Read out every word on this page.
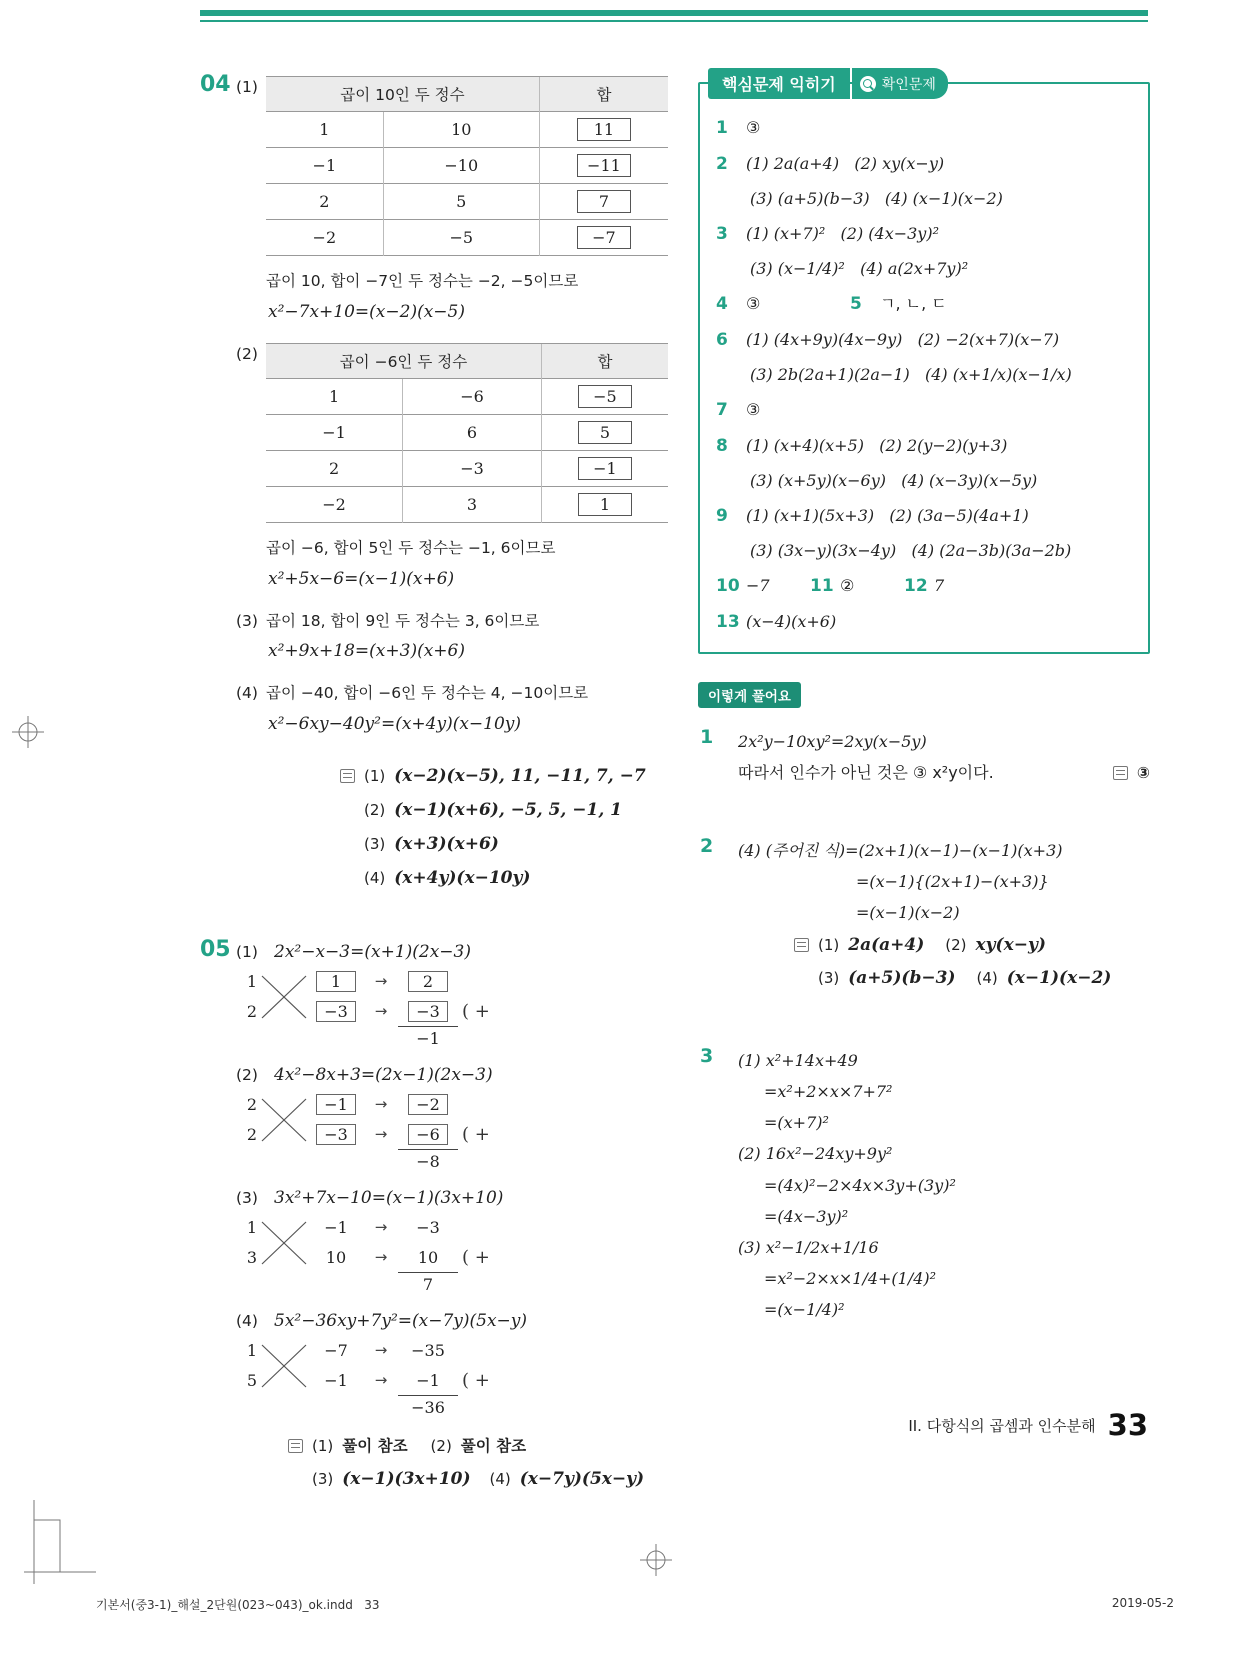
04 (1)	곱이 10인 두 정수		합
1	10	11
−1	−10	−11
2	5	7
−2	−5	−7
곱이 10, 합이 −7인 두 정수는 −2, −5이므로
x²−7x+10=(x−2)(x−5)
(2)	곱이 −6인 두 정수		합
1	−6	−5
−1	6	5
2	−3	−1
−2	3	1
곱이 −6, 합이 5인 두 정수는 −1, 6이므로
x²+5x−6=(x−1)(x+6)
(3) 곱이 18, 합이 9인 두 정수는 3, 6이므로
x²+9x+18=(x+3)(x+6)
(4) 곱이 −40, 합이 −6인 두 정수는 4, −10이므로
x²−6xy−40y²=(x+4y)(x−10y)
(1) (x−2)(x−5), 11, −11, 7, −7
(2) (x−1)(x+6), −5, 5, −1, 1
(3) (x+3)(x+6)
(4) (x+4y)(x−10y)
05 (1) 2x²−x−3=(x+1)(2x−3)
1	1 →	2
2	−3 →	−3	( +
−1
(2) 4x²−8x+3=(2x−1)(2x−3)
2	−1 →	−2
2	−3 →	−6	( +
−8
(3) 3x²+7x−10=(x−1)(3x+10)
1	−1 →	−3
3	10 →	10	( +
7
(4) 5x²−36xy+7y²=(x−7y)(5x−y)
1	−7 →	−35
5	−1 →	−1	( +
−36
(1) 풀이 참조 (2) 풀이 참조
(3) (x−1)(3x+10) (4) (x−7y)(5x−y)
핵심문제 익히기	확인문제
1	③
2	(1) 2a(a+4)   (2) xy(x−y)
(3) (a+5)(b−3)   (4) (x−1)(x−2)
3	(1) (x+7)²   (2) (4x−3y)²
(3) (x−1/4)²   (4) a(2x+7y)²
4	③	5	ㄱ, ㄴ, ㄷ
6	(1) (4x+9y)(4x−9y)   (2) −2(x+7)(x−7)
(3) 2b(2a+1)(2a−1)   (4) (x+1/x)(x−1/x)
7	③
8	(1) (x+4)(x+5)   (2) 2(y−2)(y+3)
(3) (x+5y)(x−6y)   (4) (x−3y)(x−5y)
9	(1) (x+1)(5x+3)   (2) (3a−5)(4a+1)
(3) (3x−y)(3x−4y)   (4) (2a−3b)(3a−2b)
10 −7	11 ②	12 7
13 (x−4)(x+6)
이렇게 풀어요
1 2x²y−10xy²=2xy(x−5y)
따라서 인수가 아닌 것은 ③ x²y이다.	③
2 (4) (주어진 식)=(2x+1)(x−1)−(x−1)(x+3)
=(x−1){(2x+1)−(x+3)}
=(x−1)(x−2)
(1) 2a(a+4) (2) xy(x−y)
(3) (a+5)(b−3) (4) (x−1)(x−2)
3 (1) x²+14x+49
=x²+2×x×7+7²
=(x+7)²
(2) 16x²−24xy+9y²
=(4x)²−2×4x×3y+(3y)²
=(4x−3y)²
(3) x²−1/2x+1/16
=x²−2×x×1/4+(1/4)²
=(x−1/4)²
II. 다항식의 곱셈과 인수분해 33
기본서(중3-1)_해설_2단원(023~043)_ok.indd   33	2019-05-2
